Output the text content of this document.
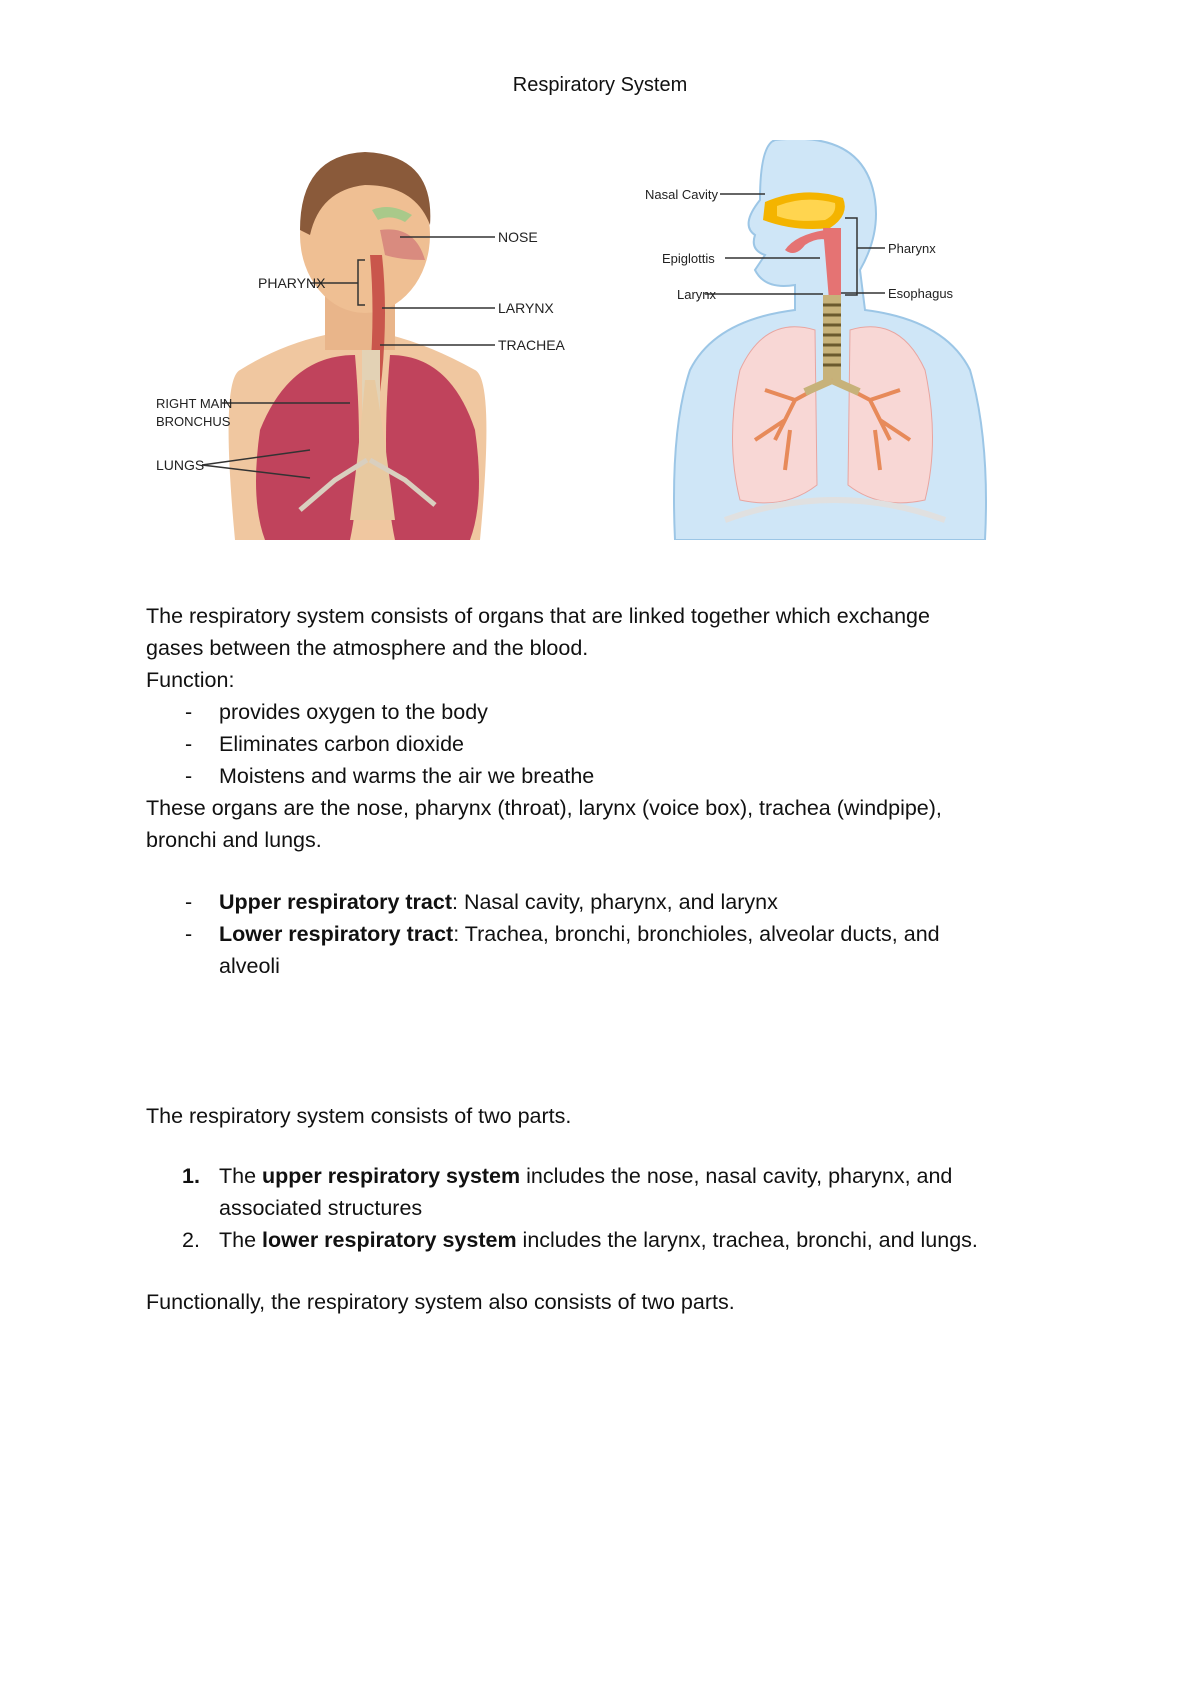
Respiratory System
NOSE
PHARYNX
LARYNX
TRACHEA
RIGHT MAIN
BRONCHUS
LUNGS
Nasal Cavity
Epiglottis
Larynx
Pharynx
Esophagus

The respiratory system consists of organs that are linked together which exchange

gases between the atmosphere and the blood.

Function:

- provides oxygen to the body
- Eliminates carbon dioxide
- Moistens and warms the air we breathe

These organs are the nose, pharynx (throat), larynx (voice box), trachea (windpipe),

bronchi and lungs.

- Upper respiratory tract: Nasal cavity, pharynx, and larynx
- Lower respiratory tract: Trachea, bronchi, bronchioles, alveolar ducts, and
alveoli

The respiratory system consists of two parts.

1. The upper respiratory system includes the nose, nasal cavity, pharynx, and
associated structures
2. The lower respiratory system includes the larynx, trachea, bronchi, and lungs.

Functionally, the respiratory system also consists of two parts.
